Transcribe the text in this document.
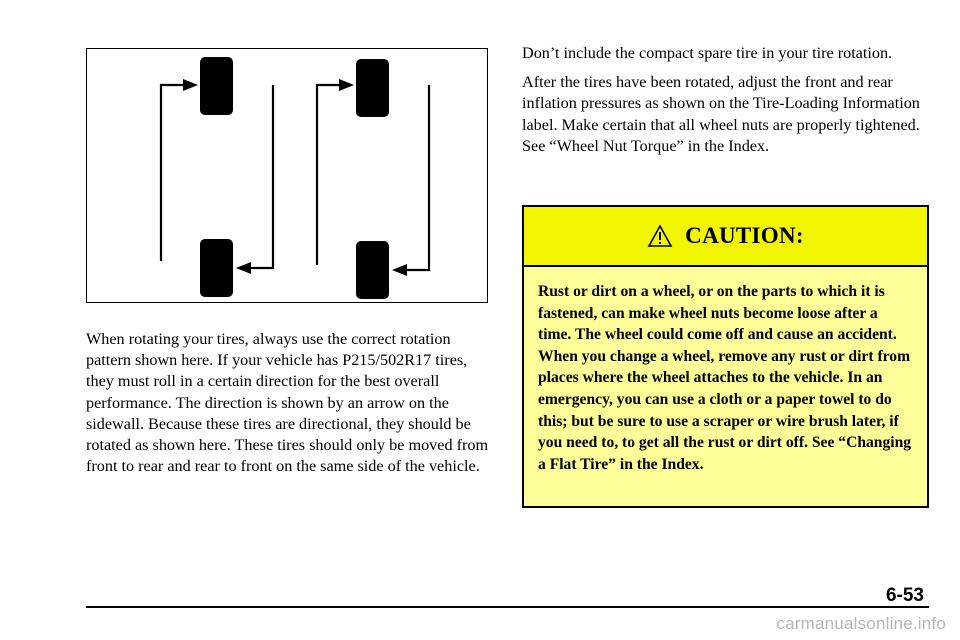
When rotating your tires, always use the correct rotation pattern shown here. If your vehicle has P215/502R17 tires, they must roll in a certain direction for the best overall performance. The direction is shown by an arrow on the sidewall. Because these tires are directional, they should be rotated as shown here. These tires should only be moved from front to rear and rear to front on the same side of the vehicle.

Don’t include the compact spare tire in your tire rotation.

After the tires have been rotated, adjust the front and rear inflation pressures as shown on the Tire-Loading Information label. Make certain that all wheel nuts are properly tightened. See “Wheel Nut Torque” in the Index.

CAUTION:
Rust or dirt on a wheel, or on the parts to which it is fastened, can make wheel nuts become loose after a time. The wheel could come off and cause an accident. When you change a wheel, remove any rust or dirt from places where the wheel attaches to the vehicle. In an emergency, you can use a cloth or a paper towel to do this; but be sure to use a scraper or wire brush later, if you need to, to get all the rust or dirt off. See “Changing a Flat Tire” in the Index.
6-53
carmanualsonline.info
